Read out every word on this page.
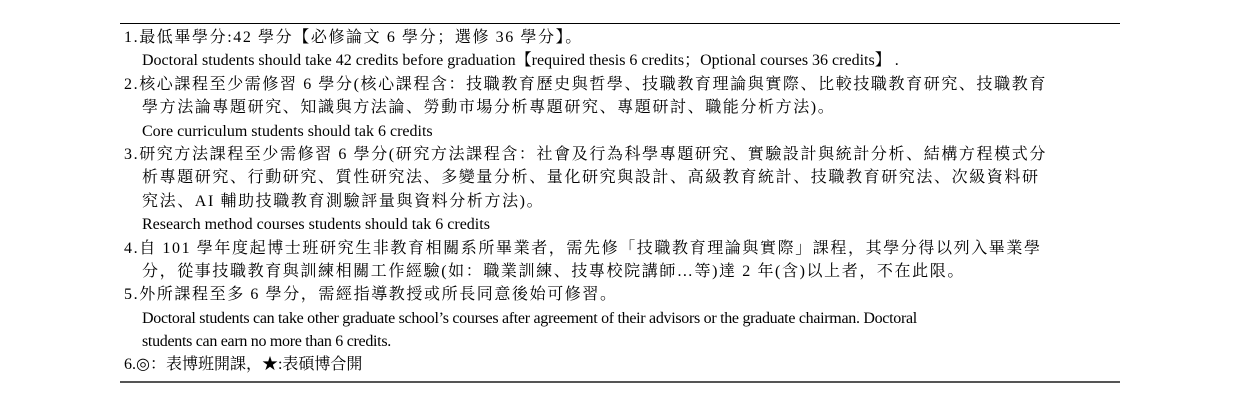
1.最低畢學分:42 學分【必修論文 6 學分；選修 36 學分】。
Doctoral students should take 42 credits before graduation【required thesis 6 credits；Optional courses 36 credits】 .
2.核心課程至少需修習 6 學分(核心課程含：技職教育歷史與哲學、技職教育理論與實際、比較技職教育研究、技職教育
學方法論專題研究、知識與方法論、勞動市場分析專題研究、專題研討、職能分析方法)。
Core curriculum students should tak 6 credits
3.研究方法課程至少需修習 6 學分(研究方法課程含：社會及行為科學專題研究、實驗設計與統計分析、結構方程模式分
析專題研究、行動研究、質性研究法、多變量分析、量化研究與設計、高級教育統計、技職教育研究法、次級資料研
究法、AI 輔助技職教育測驗評量與資料分析方法)。
Research method courses students should tak 6 credits
4.自 101 學年度起博士班研究生非教育相關系所畢業者，需先修「技職教育理論與實際」課程，其學分得以列入畢業學
分，從事技職教育與訓練相關工作經驗(如：職業訓練、技專校院講師…等)達 2 年(含)以上者，不在此限。
5.外所課程至多 6 學分，需經指導教授或所長同意後始可修習。
Doctoral students can take other graduate school’s courses after agreement of their advisors or the graduate chairman. Doctoral
students can earn no more than 6 credits.
6.◎：表博班開課，★:表碩博合開
